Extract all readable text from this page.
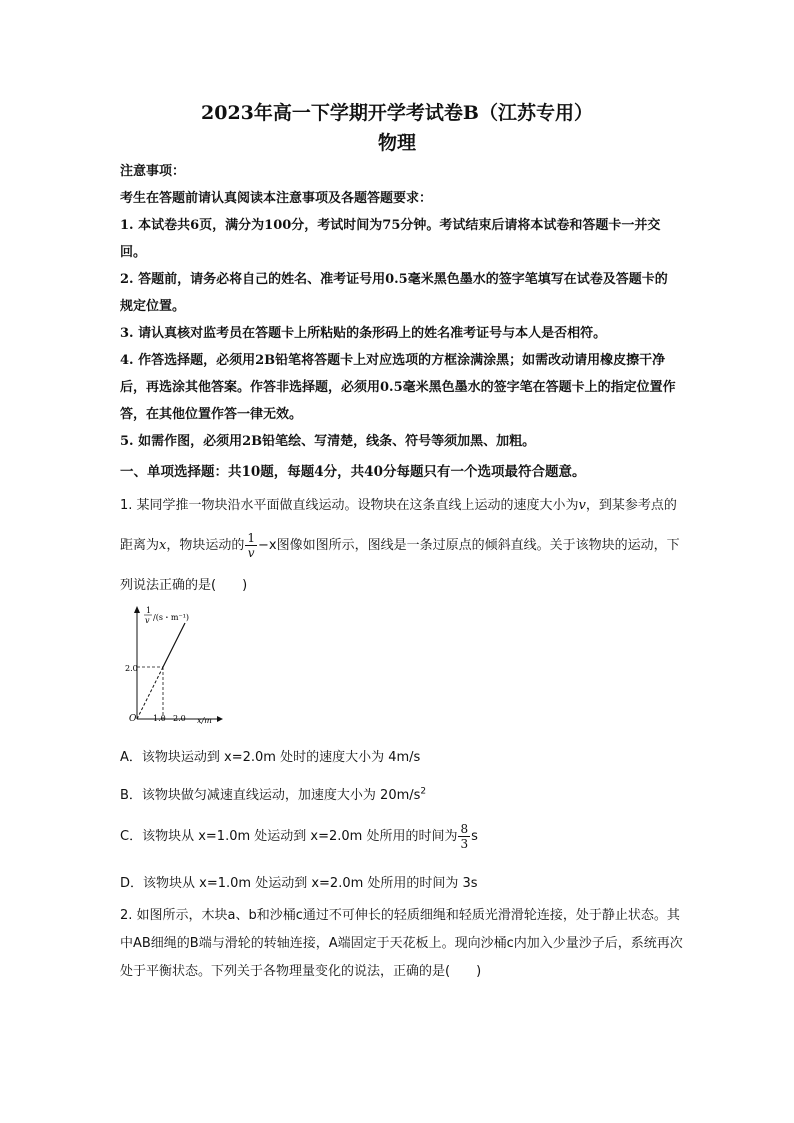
2023年高一下学期开学考试卷B（江苏专用）
物理
注意事项：
考生在答题前请认真阅读本注意事项及各题答题要求：
1. 本试卷共6页，满分为100分，考试时间为75分钟。考试结束后请将本试卷和答题卡一并交回。
2. 答题前，请务必将自己的姓名、准考证号用0.5毫米黑色墨水的签字笔填写在试卷及答题卡的规定位置。
3. 请认真核对监考员在答题卡上所粘贴的条形码上的姓名准考证号与本人是否相符。
4. 作答选择题，必须用2B铅笔将答题卡上对应选项的方框涂满涂黑；如需改动请用橡皮擦干净后，再选涂其他答案。作答非选择题，必须用0.5毫米黑色墨水的签字笔在答题卡上的指定位置作答，在其他位置作答一律无效。
5. 如需作图，必须用2B铅笔绘、写清楚，线条、符号等须加黑、加粗。
一、单项选择题：共10题，每题4分，共40分每题只有一个选项最符合题意。
1. 某同学推一物块沿水平面做直线运动。设物块在这条直线上运动的速度大小为v，到某参考点的距离为x，物块运动的 $\frac{1}{v} -x$图像如图所示，图线是一条过原点的倾斜直线。关于该物块的运动，下列说法正确的是(　　)
1
v /(s・m⁻¹)
2.0
O 1.0 2.0 x/m
A．该物块运动到 x=2.0m 处时的速度大小为 4m/s
B．该物块做匀减速直线运动，加速度大小为 $20m/s^2$
C．该物块从 x=1.0m 处运动到 x=2.0m 处所用的时间为 $\frac{8}{3}$ s
D．该物块从 x=1.0m 处运动到 x=2.0m 处所用的时间为 3s
2. 如图所示，木块a、b和沙桶c通过不可伸长的轻质细绳和轻质光滑滑轮连接，处于静止状态。其中AB细绳的B端与滑轮的转轴连接，A端固定于天花板上。现向沙桶c内加入少量沙子后，系统再次处于平衡状态。下列关于各物理量变化的说法，正确的是(　　)
